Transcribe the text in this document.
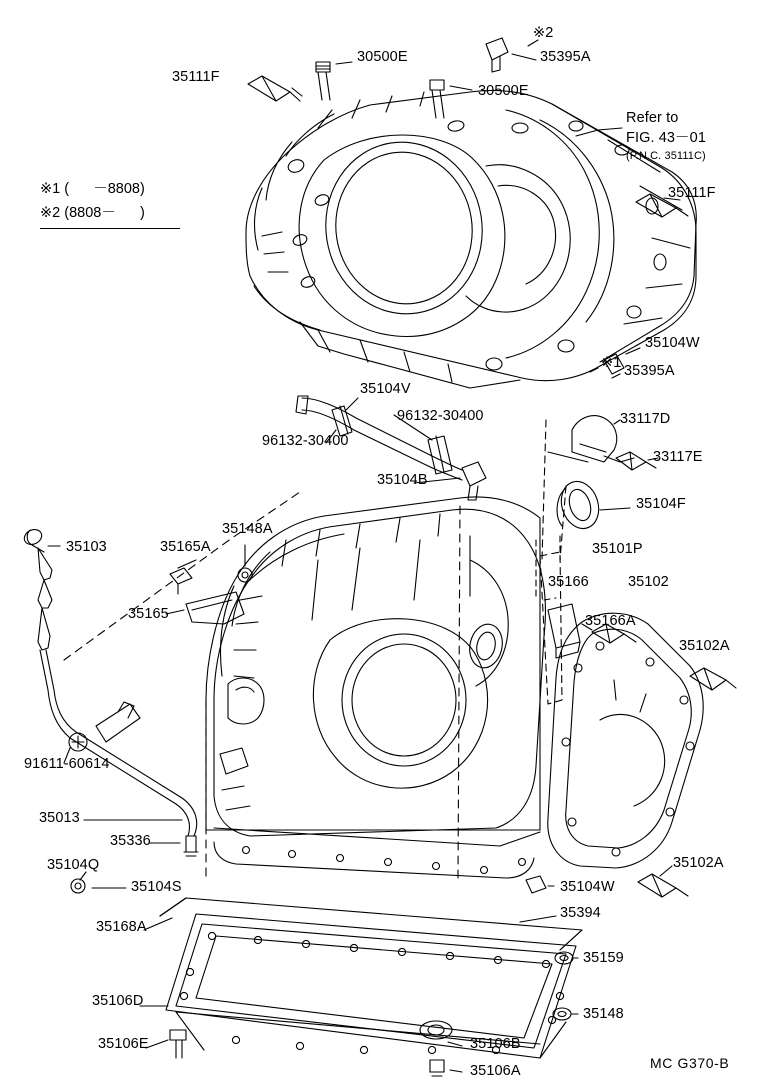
35111F
30500E	35395A
※2
30500E
35111F
35104W
35395A
※1
35104V
96132-30400
96132-30400
35104B
33117D
33117E
35104F
35101P
35166	35102
35166A
35102A
35102A
35103	35165A
35148A
35165
91611-60614
35013
35336
35104Q
35104S	35104W
35394
35159
35148
35168A
35106D
35106E	35106B
35106A
Refer to
FIG. 43－01
(P.N.C. 35111C)
※1 (      －8808)
※2 (8808－      )
MC G370-B
